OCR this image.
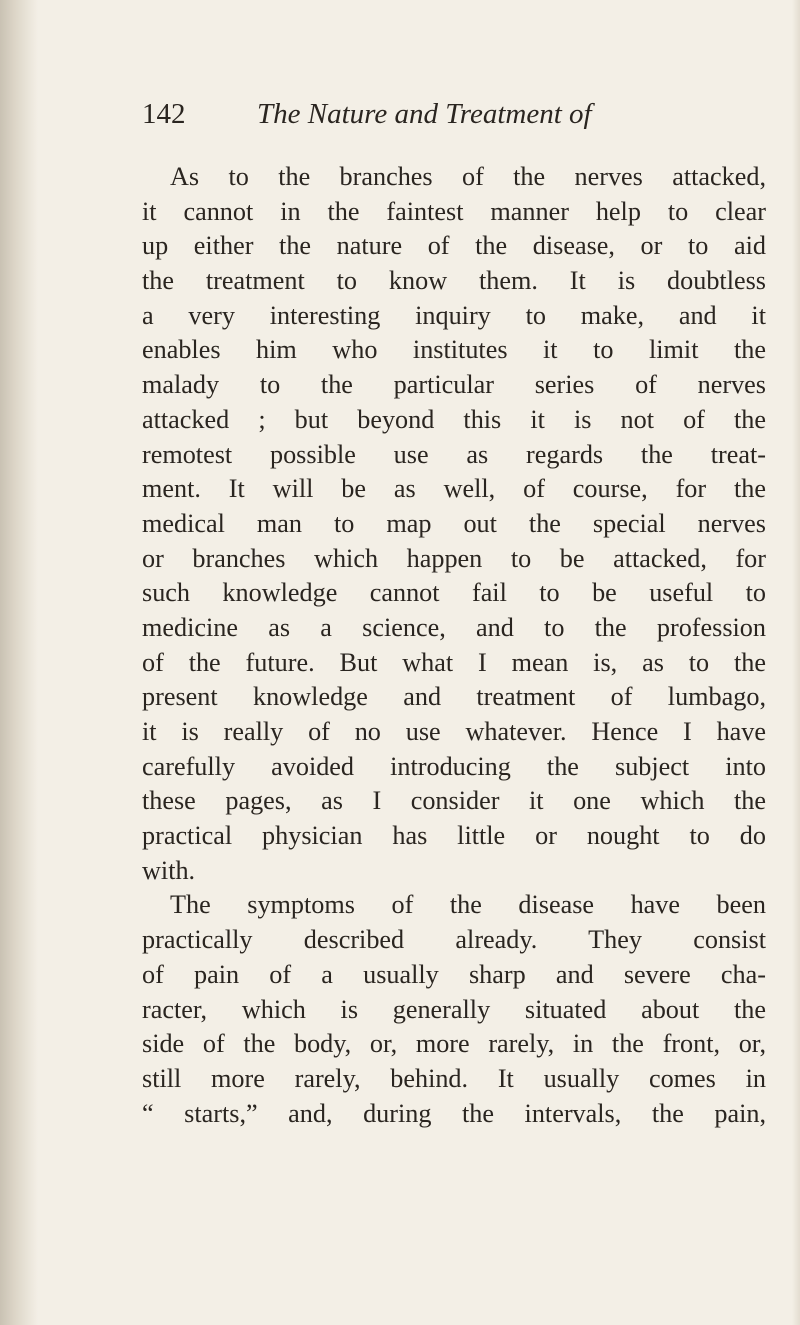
142 The Nature and Treatment of
As to the branches of the nerves attacked,
it cannot in the faintest manner help to clear
up either the nature of the disease, or to aid
the treatment to know them. It is doubtless
a very interesting inquiry to make, and it
enables him who institutes it to limit the
malady to the particular series of nerves
attacked ; but beyond this it is not of the
remotest possible use as regards the treat-
ment. It will be as well, of course, for the
medical man to map out the special nerves
or branches which happen to be attacked, for
such knowledge cannot fail to be useful to
medicine as a science, and to the profession
of the future. But what I mean is, as to the
present knowledge and treatment of lumbago,
it is really of no use whatever. Hence I have
carefully avoided introducing the subject into
these pages, as I consider it one which the
practical physician has little or nought to do
with.
The symptoms of the disease have been
practically described already. They consist
of pain of a usually sharp and severe cha-
racter, which is generally situated about the
side of the body, or, more rarely, in the front, or,
still more rarely, behind. It usually comes in
“ starts,” and, during the intervals, the pain,
